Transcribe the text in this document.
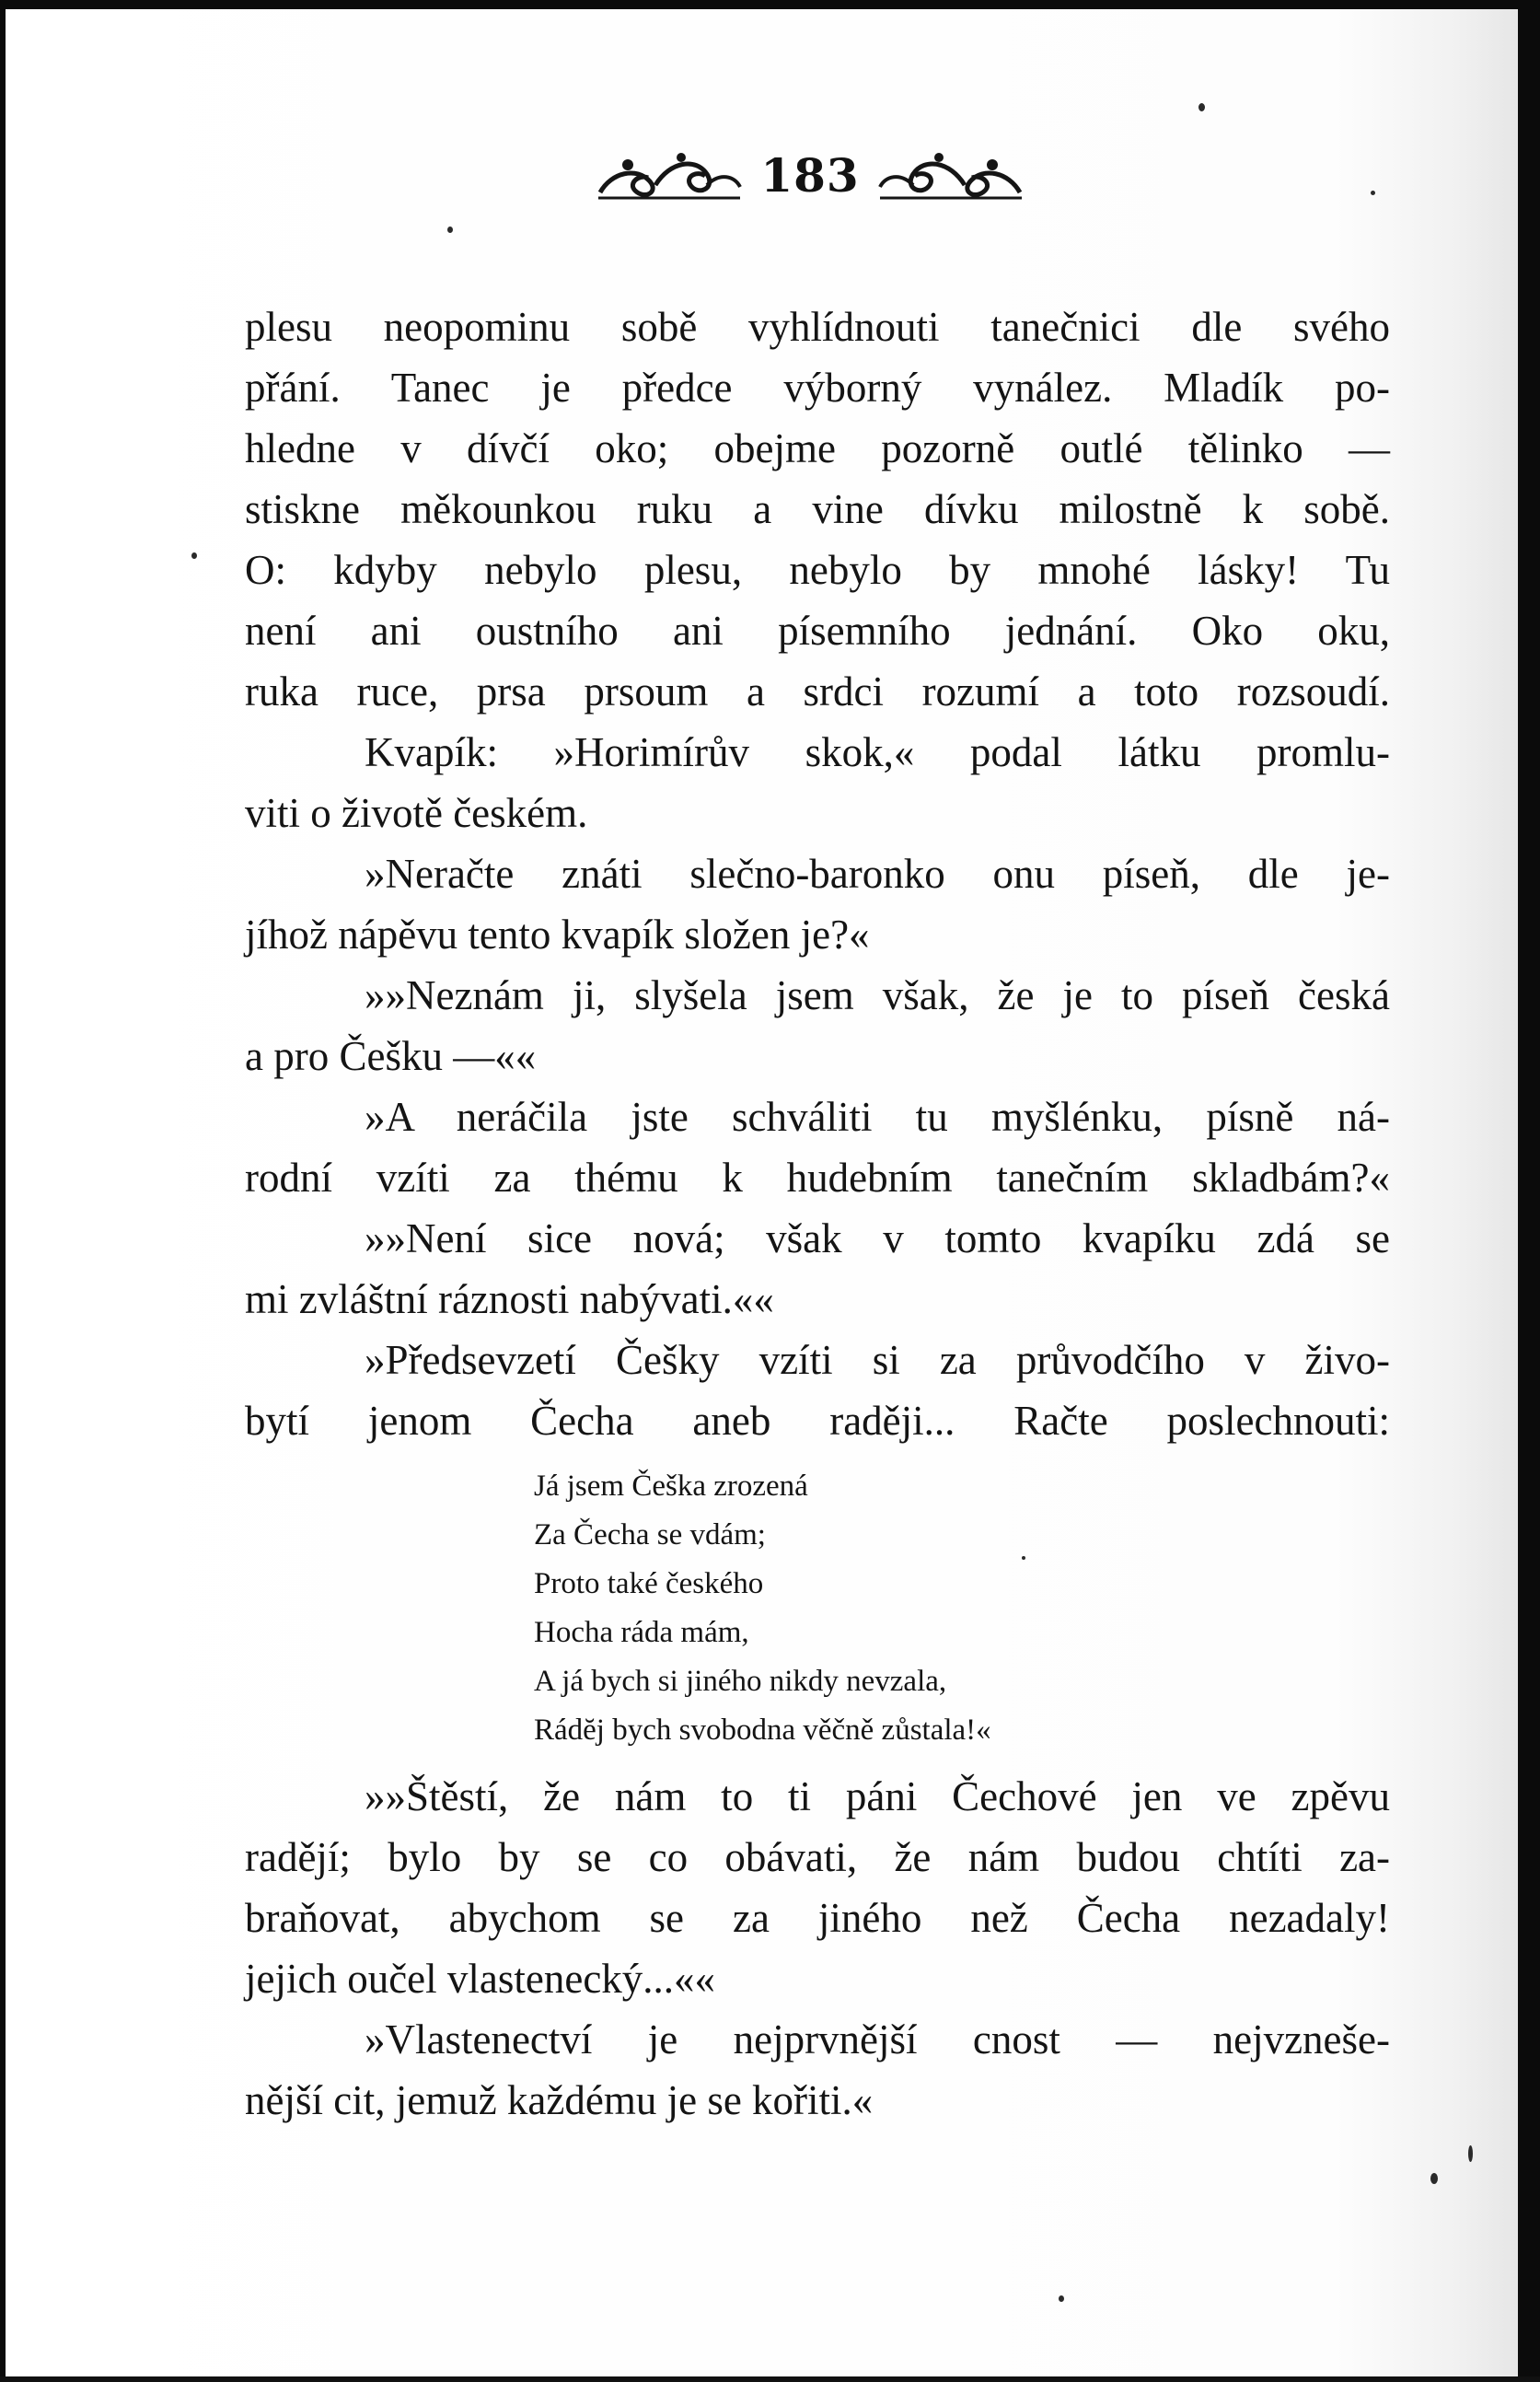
183
plesu neopominu sobě vyhlídnouti tanečnici dle svého
přání. Tanec je předce výborný vynález. Mladík po-
hledne v dívčí oko; obejme pozorně outlé tělinko —
stiskne měkounkou ruku a vine dívku milostně k sobě.
O: kdyby nebylo plesu, nebylo by mnohé lásky! Tu
není ani oustního ani písemního jednání. Oko oku,
ruka ruce, prsa prsoum a srdci rozumí a toto rozsoudí.
Kvapík: »Horimírův skok,« podal látku promlu-
viti o životě českém.
»Neračte znáti slečno-baronko onu píseň, dle je-
jíhož nápěvu tento kvapík složen je?«
»»Neznám ji, slyšela jsem však, že je to píseň česká
a pro Češku —««
»A neráčila jste schváliti tu myšlénku, písně ná-
rodní vzíti za thému k hudebním tanečním skladbám?«
»»Není sice nová; však v tomto kvapíku zdá se
mi zvláštní ráznosti nabývati.««
»Předsevzetí Češky vzíti si za průvodčího v živo-
bytí jenom Čecha aneb raději... Račte poslechnouti:
Já jsem Češka zrozená
Za Čecha se vdám;
Proto také českého
Hocha ráda mám,
A já bych si jiného nikdy nevzala,
Rádĕj bych svobodna věčně zůstala!«
»»Štěstí, že nám to ti páni Čechové jen ve zpěvu
radějí; bylo by se co obávati, že nám budou chtíti za-
braňovat, abychom se za jiného než Čecha nezadaly!
jejich oučel vlastenecký...««
»Vlastenectví je nejprvnější cnost — nejvzneše-
nější cit, jemuž každému je se kořiti.«
